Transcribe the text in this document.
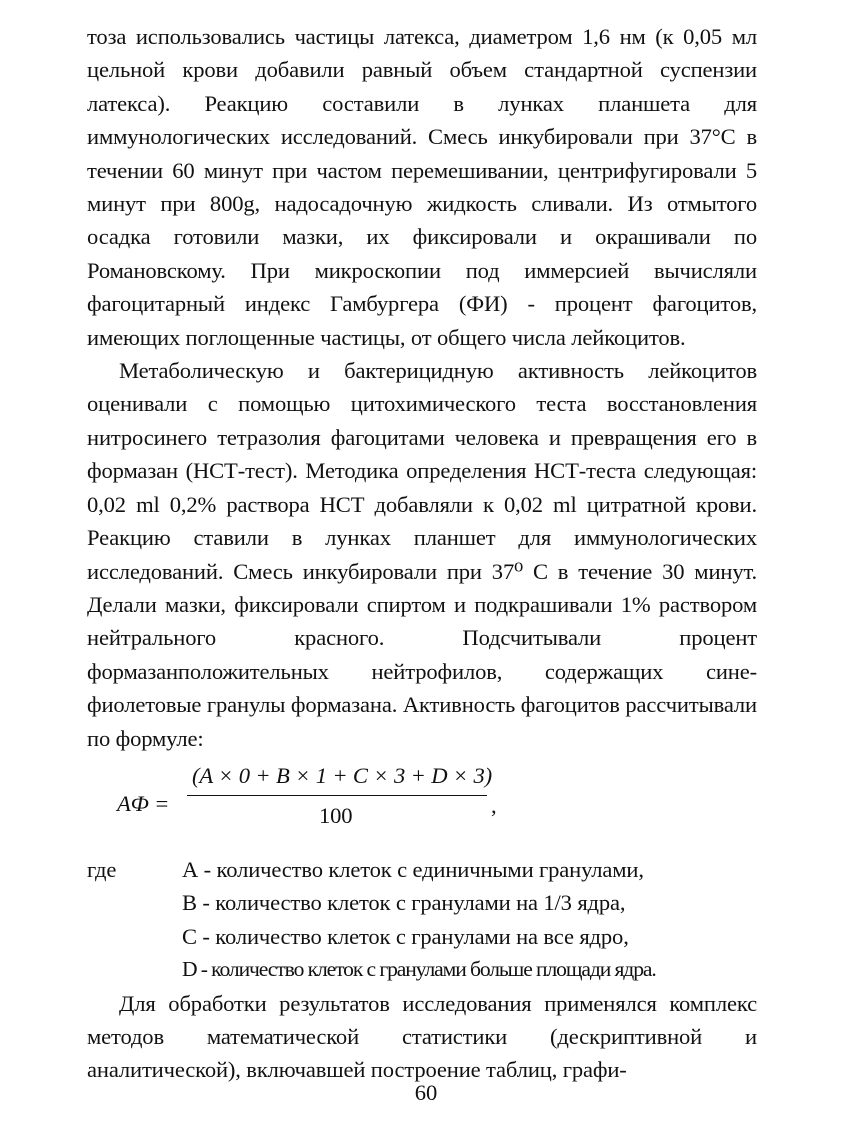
тоза использовались частицы латекса, диаметром 1,6 нм (к 0,05 мл цельной крови добавили равный объем стандартной суспензии латекса). Реакцию составили в лунках планшета для иммунологических исследований. Смесь инкубировали при 37°С в течении 60 минут при частом перемешивании, центрифугировали 5 минут при 800g, надосадочную жидкость сливали. Из отмытого осадка готовили мазки, их фиксировали и окрашивали по Романовскому. При микроскопии под иммерсией вычисляли фагоцитарный индекс Гамбургера (ФИ) - процент фагоцитов, имеющих поглощенные частицы, от общего числа лейкоцитов.

Метаболическую и бактерицидную активность лейкоцитов оценивали с помощью цитохимического теста восстановления нитросинего тетразолия фагоцитами человека и превращения его в формазан (НСТ-тест). Методика определения НСТ-теста следующая: 0,02 ml 0,2% раствора НСТ добавляли к 0,02 ml цитратной крови. Реакцию ставили в лунках планшет для иммунологических исследований. Смесь инкубировали при 37⁰ С в течение 30 минут. Делали мазки, фиксировали спиртом и подкрашивали 1% раствором нейтрального красного. Подсчитывали процент формазанположительных нейтрофилов, содержащих сине-фиолетовые гранулы формазана. Активность фагоцитов рассчитывали по формуле:

AФ =
(A × 0 + B × 1 + C × 3 + D × 3)
100	,
где	А - количество клеток с единичными гранулами,
В - количество клеток с гранулами на 1/3 ядра,
С - количество клеток с гранулами на все ядро,
D - количество клеток с гранулами больше площади ядра.

Для обработки результатов исследования применялся комплекс методов математической статистики (дескриптивной и аналитической), включавшей построение таблиц, графи-

60
